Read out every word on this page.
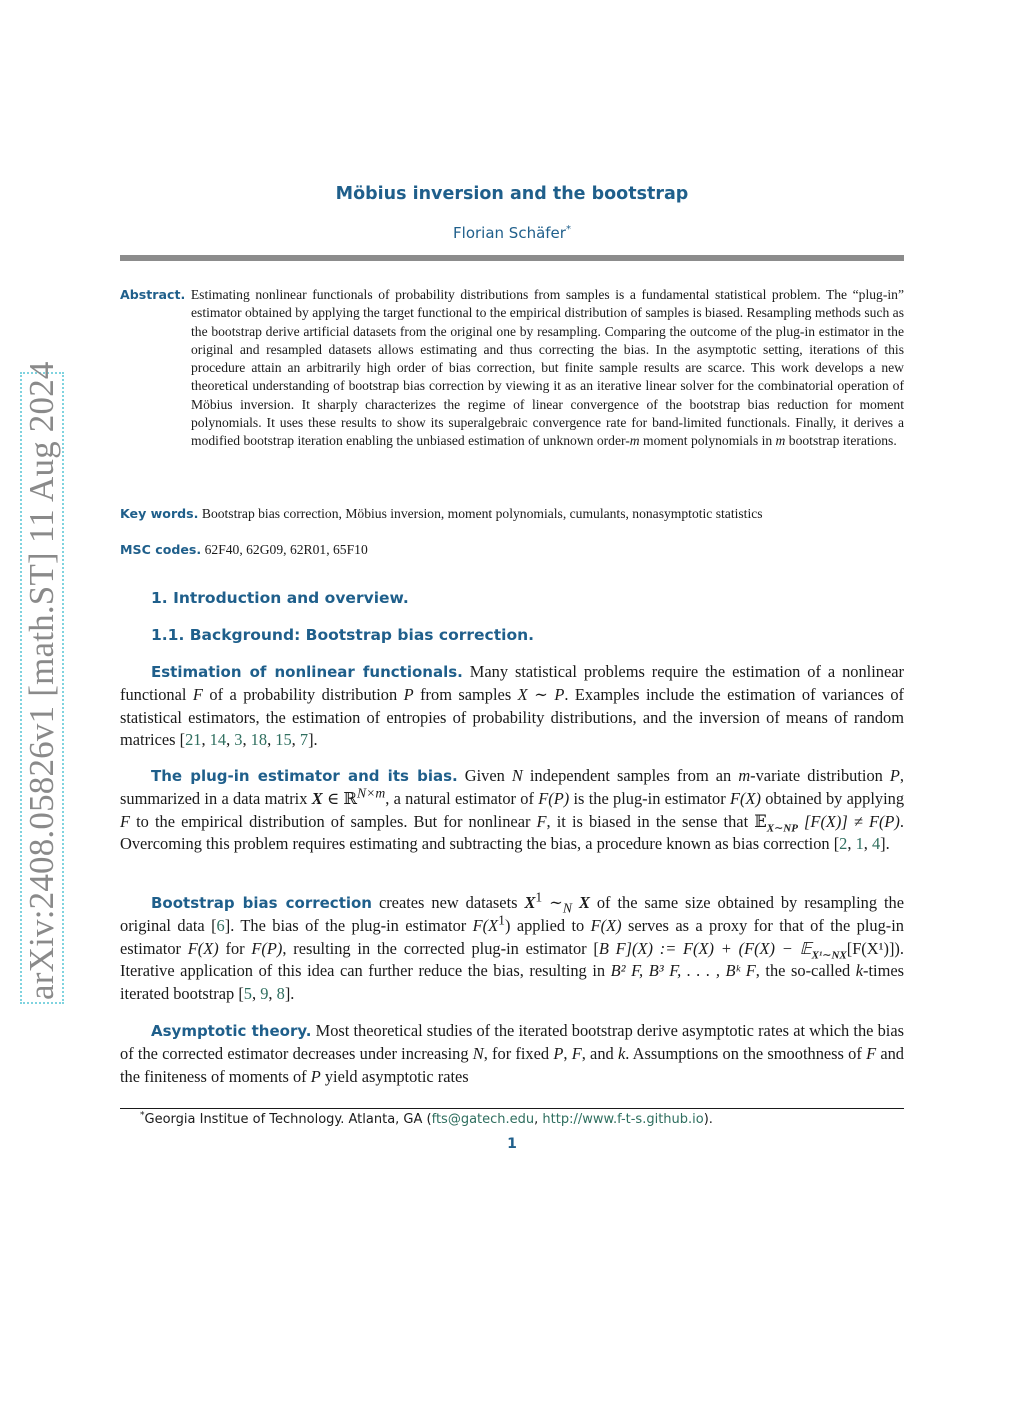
arXiv:2408.05826v1 [math.ST] 11 Aug 2024
Möbius inversion and the bootstrap
Florian Schäfer*

Abstract. Estimating nonlinear functionals of probability distributions from samples is a fundamental statistical problem. The “plug-in” estimator obtained by applying the target functional to the empirical distribution of samples is biased. Resampling methods such as the bootstrap derive artificial datasets from the original one by resampling. Comparing the outcome of the plug-in estimator in the original and resampled datasets allows estimating and thus correcting the bias. In the asymptotic setting, iterations of this procedure attain an arbitrarily high order of bias correction, but finite sample results are scarce. This work develops a new theoretical understanding of bootstrap bias correction by viewing it as an iterative linear solver for the combinatorial operation of Möbius inversion. It sharply characterizes the regime of linear convergence of the bootstrap bias reduction for moment polynomials. It uses these results to show its superalgebraic convergence rate for band-limited functionals. Finally, it derives a modified bootstrap iteration enabling the unbiased estimation of unknown order-m moment polynomials in m bootstrap iterations.

Key words. Bootstrap bias correction, Möbius inversion, moment polynomials, cumulants, nonasymptotic statistics
MSC codes. 62F40, 62G09, 62R01, 65F10
1. Introduction and overview.
1.1. Background: Bootstrap bias correction.

Estimation of nonlinear functionals. Many statistical problems require the estimation of a nonlinear functional F of a probability distribution P from samples X ∼ P. Examples include the estimation of variances of statistical estimators, the estimation of entropies of probability distributions, and the inversion of means of random matrices [21, 14, 3, 18, 15, 7].

The plug-in estimator and its bias. Given N independent samples from an m-variate distribution P, summarized in a data matrix X ∈ ℝ$^{N\times m}$, a natural estimator of F(P) is the plug-in estimator F(X) obtained by applying F to the empirical distribution of samples. But for nonlinear F, it is biased in the sense that 𝔼$_{X\sim NP}$ [F(X)] ≠ F(P). Overcoming this problem requires estimating and subtracting the bias, a procedure known as bias correction [2, 1, 4].

Bootstrap bias correction creates new datasets $X^1$ $\sim_N$ X of the same size obtained by resampling the original data [6]. The bias of the plug-in estimator $F(X^1)$ applied to F(X) serves as a proxy for that of the plug-in estimator F(X) for F(P), resulting in the corrected plug-in estimator [B F](X) := F(X) + (F(X) − 𝔼$_{X^1\sim NX}$[F(X¹)]). Iterative application of this idea can further reduce the bias, resulting in B² F, B³ F, . . . , Bᵏ F, the so-called k-times iterated bootstrap [5, 9, 8].

Asymptotic theory. Most theoretical studies of the iterated bootstrap derive asymptotic rates at which the bias of the corrected estimator decreases under increasing N, for fixed P, F, and k. Assumptions on the smoothness of F and the finiteness of moments of P yield asymptotic rates

*Georgia Institue of Technology. Atlanta, GA (fts@gatech.edu, http://www.f-t-s.github.io).
1
